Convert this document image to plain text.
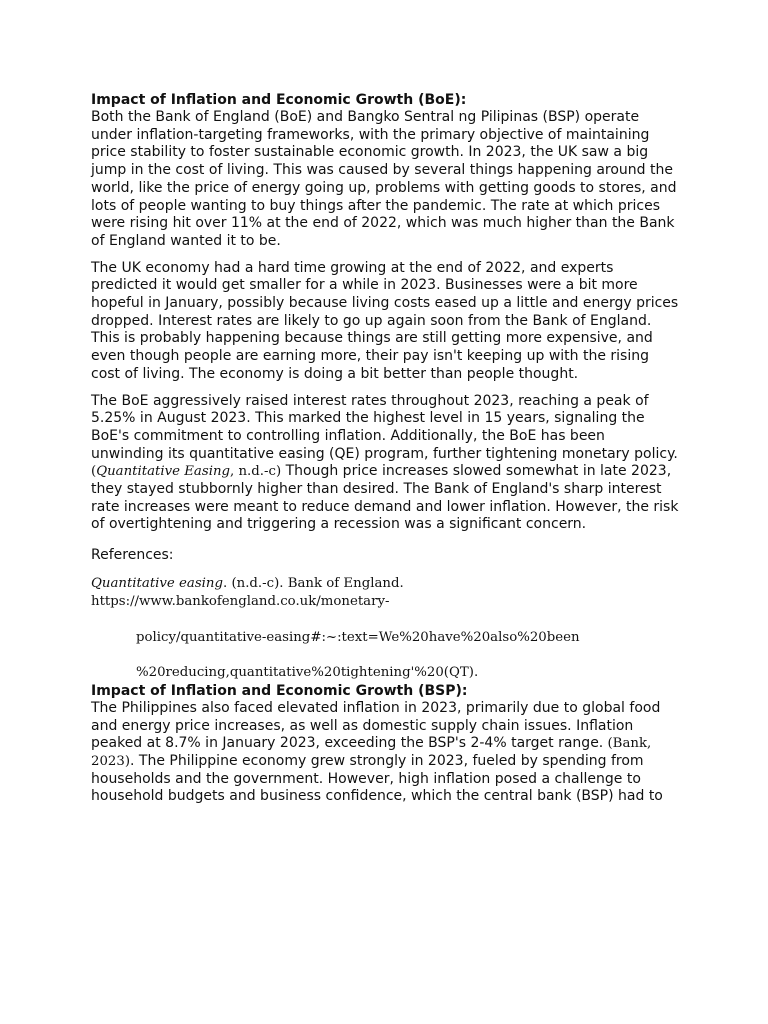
Impact of Inflation and Economic Growth (BoE):

Both the Bank of England (BoE) and Bangko Sentral ng Pilipinas (BSP) operate under inflation-targeting frameworks, with the primary objective of maintaining price stability to foster sustainable economic growth. In 2023, the UK saw a big jump in the cost of living. This was caused by several things happening around the world, like the price of energy going up, problems with getting goods to stores, and lots of people wanting to buy things after the pandemic. The rate at which prices were rising hit over 11% at the end of 2022, which was much higher than the Bank of England wanted it to be.

The UK economy had a hard time growing at the end of 2022, and experts predicted it would get smaller for a while in 2023. Businesses were a bit more hopeful in January, possibly because living costs eased up a little and energy prices dropped. Interest rates are likely to go up again soon from the Bank of England. This is probably happening because things are still getting more expensive, and even though people are earning more, their pay isn't keeping up with the rising cost of living. The economy is doing a bit better than people thought.

The BoE aggressively raised interest rates throughout 2023, reaching a peak of 5.25% in August 2023. This marked the highest level in 15 years, signaling the BoE's commitment to controlling inflation. Additionally, the BoE has been unwinding its quantitative easing (QE) program, further tightening monetary policy.
(Quantitative Easing, n.d.-c) Though price increases slowed somewhat in late 2023, they stayed stubbornly higher than desired. The Bank of England's sharp interest rate increases were meant to reduce demand and lower inflation. However, the risk of overtightening and triggering a recession was a significant concern.

References:
Quantitative easing. (n.d.-c). Bank of England. https://www.bankofengland.co.uk/monetary-
policy/quantitative-easing#:~:text=We%20have%20also%20been
%20reducing,quantitative%20tightening'%20(QT).
Impact of Inflation and Economic Growth (BSP):

The Philippines also faced elevated inflation in 2023, primarily due to global food and energy price increases, as well as domestic supply chain issues. Inflation peaked at 8.7% in January 2023, exceeding the BSP's 2-4% target range. (Bank, 2023). The Philippine economy grew strongly in 2023, fueled by spending from households and the government. However, high inflation posed a challenge to household budgets and business confidence, which the central bank (BSP) had to
